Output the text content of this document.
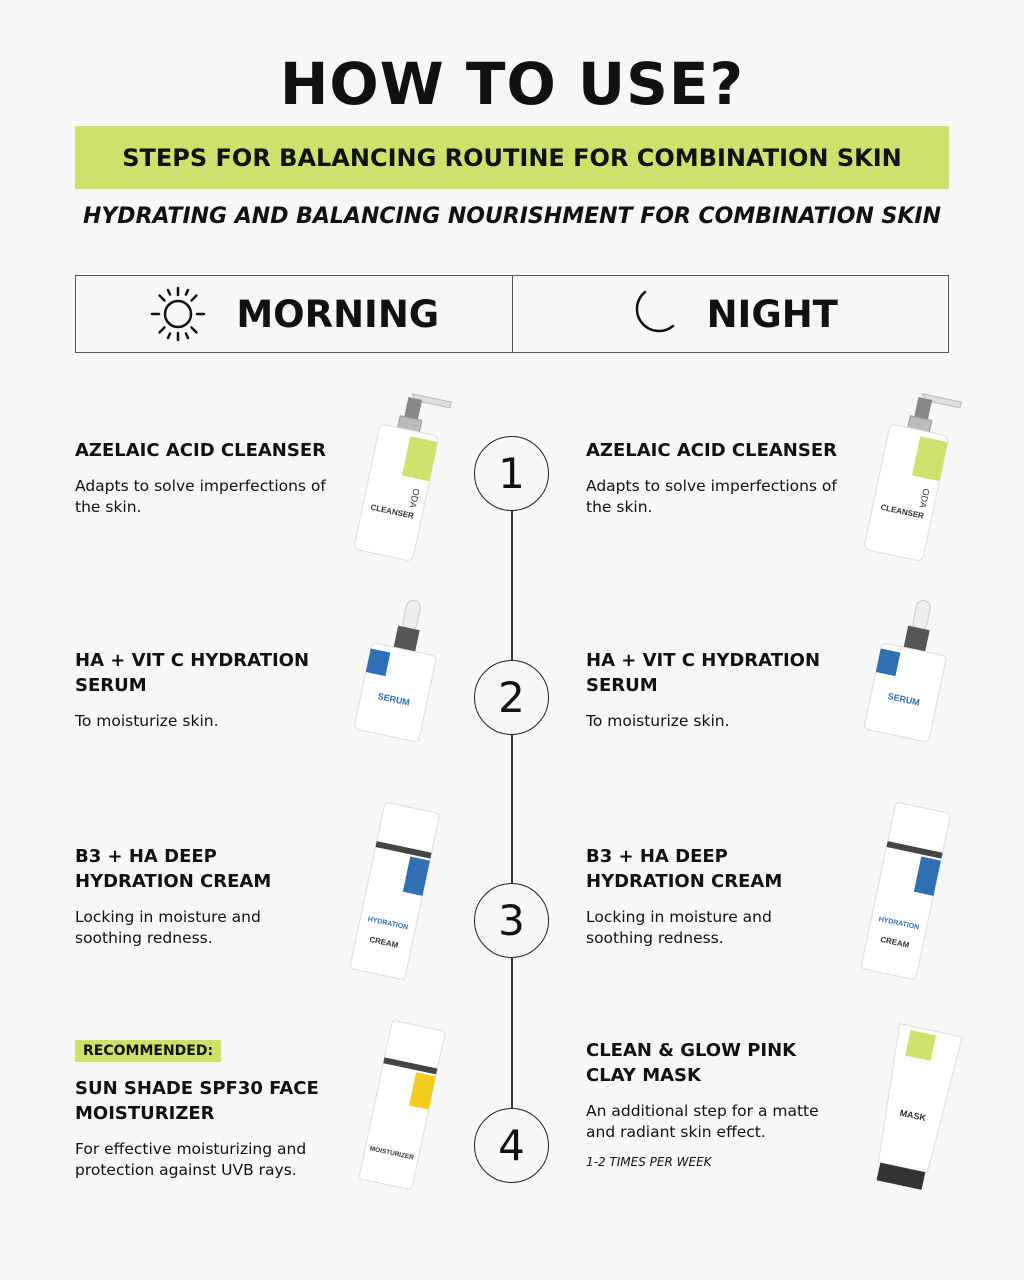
HOW TO USE?
STEPS FOR BALANCING ROUTINE FOR COMBINATION SKIN
HYDRATING AND BALANCING NOURISHMENT FOR COMBINATION SKIN
MORNING	NIGHT
1
2
3
4
AZELAIC ACID CLEANSER
Adapts to solve imperfections of the skin.
HA + VIT C HYDRATION SERUM
To moisturize skin.
B3 + HA DEEP HYDRATION CREAM
Locking in moisture and soothing redness.
RECOMMENDED:
SUN SHADE SPF30 FACE MOISTURIZER
For effective moisturizing and protection against UVB rays.
AZELAIC ACID CLEANSER
Adapts to solve imperfections of the skin.
HA + VIT C HYDRATION SERUM
To moisturize skin.
B3 + HA DEEP HYDRATION CREAM
Locking in moisture and soothing redness.
CLEAN & GLOW PINK CLAY MASK
An additional step for a matte and radiant skin effect.
1-2 TIMES PER WEEK
ODA
CLEANSER
ODA
CLEANSER
SERUM	SERUM
HYDRATION
CREAM
HYDRATION
CREAM
MOISTURIZER
MASK
